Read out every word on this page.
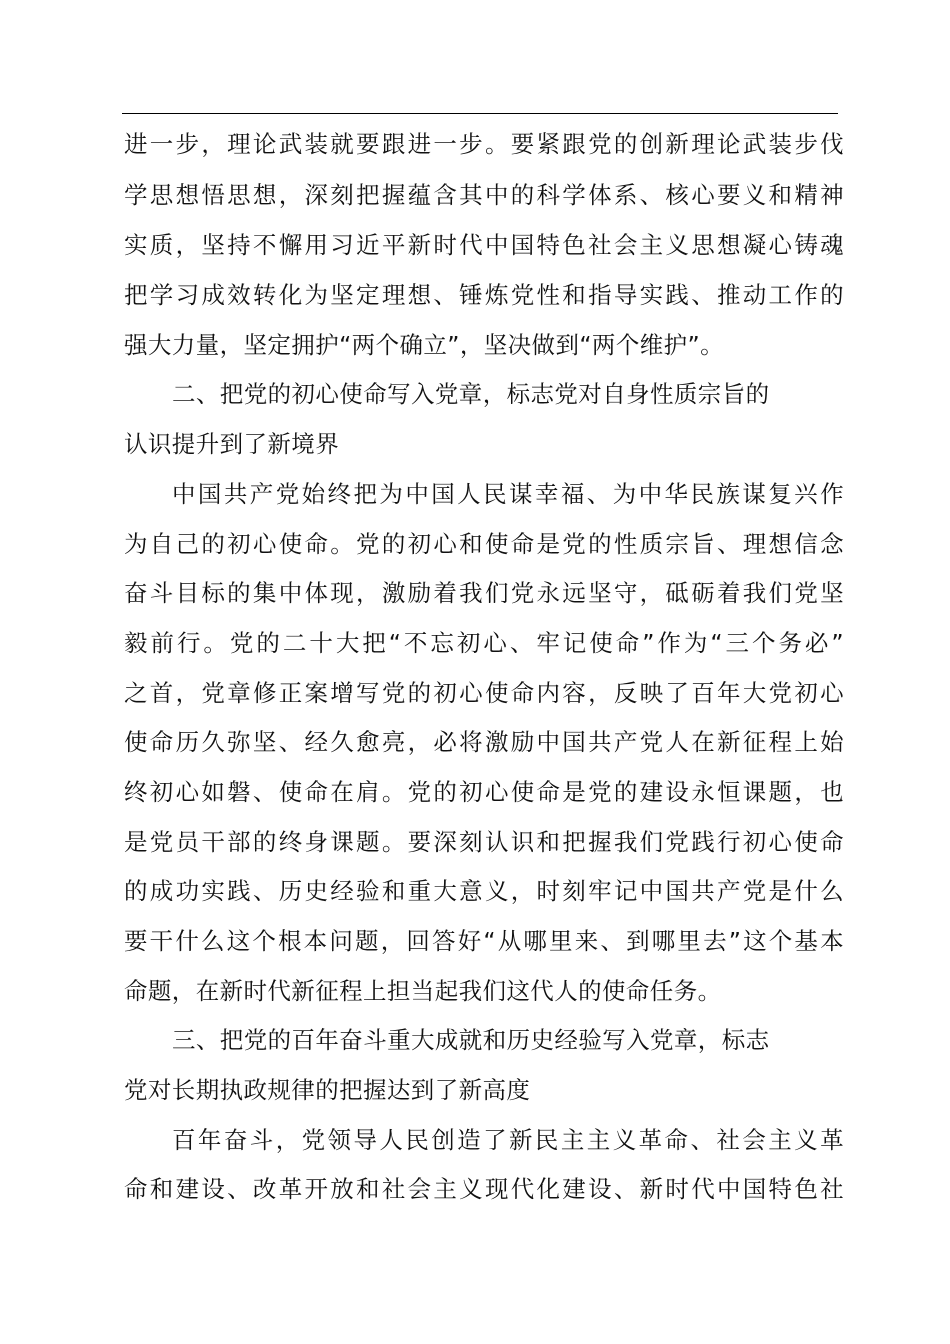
进一步，理论武装就要跟进一步。要紧跟党的创新理论武装步伐
学思想悟思想，深刻把握蕴含其中的科学体系、核心要义和精神
实质，坚持不懈用习近平新时代中国特色社会主义思想凝心铸魂
把学习成效转化为坚定理想、锤炼党性和指导实践、推动工作的
强大力量，坚定拥护“两个确立”，坚决做到“两个维护”。
二、把党的初心使命写入党章，标志党对自身性质宗旨的
认识提升到了新境界
中国共产党始终把为中国人民谋幸福、为中华民族谋复兴作
为自己的初心使命。党的初心和使命是党的性质宗旨、理想信念
奋斗目标的集中体现，激励着我们党永远坚守，砥砺着我们党坚
毅前行。党的二十大把“不忘初心、牢记使命”作为“三个务必”
之首，党章修正案增写党的初心使命内容，反映了百年大党初心
使命历久弥坚、经久愈亮，必将激励中国共产党人在新征程上始
终初心如磐、使命在肩。党的初心使命是党的建设永恒课题，也
是党员干部的终身课题。要深刻认识和把握我们党践行初心使命
的成功实践、历史经验和重大意义，时刻牢记中国共产党是什么
要干什么这个根本问题，回答好“从哪里来、到哪里去”这个基本
命题，在新时代新征程上担当起我们这代人的使命任务。
三、把党的百年奋斗重大成就和历史经验写入党章，标志
党对长期执政规律的把握达到了新高度
百年奋斗，党领导人民创造了新民主主义革命、社会主义革
命和建设、改革开放和社会主义现代化建设、新时代中国特色社
